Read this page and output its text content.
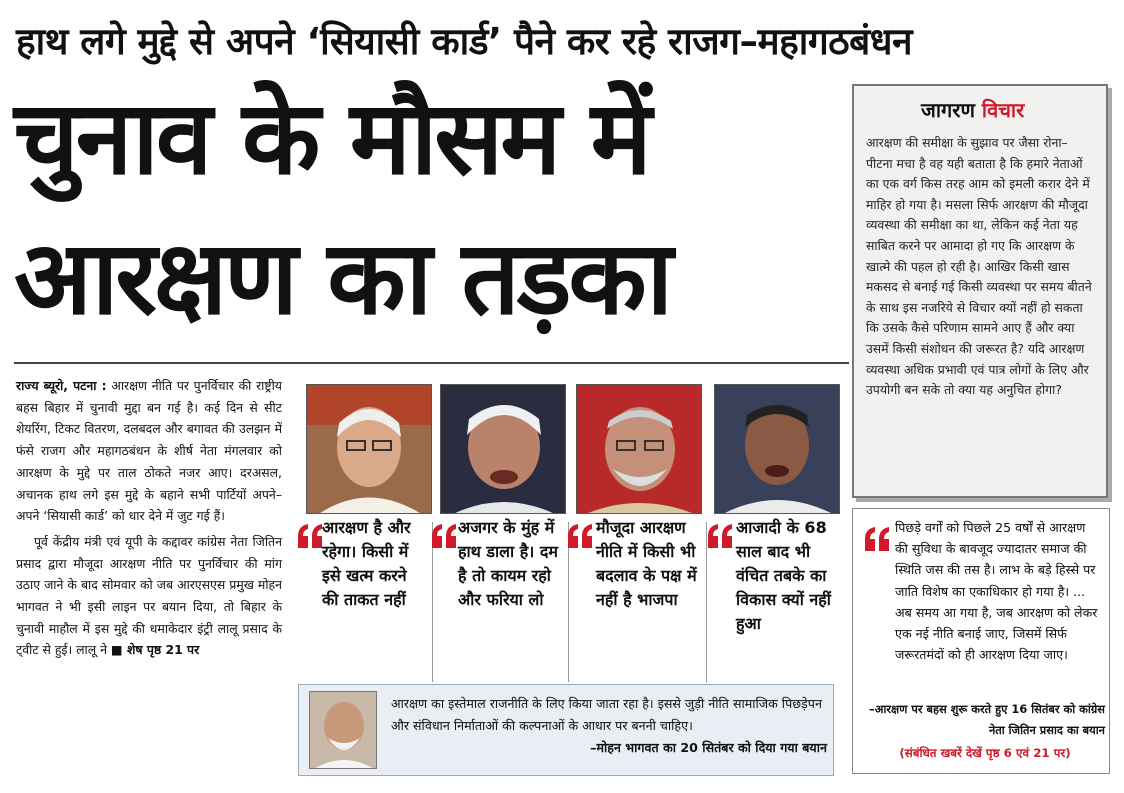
हाथ लगे मुद्दे से अपने ‘सियासी कार्ड’ पैने कर रहे राजग–महागठबंधन
चुनाव के मौसम में
आरक्षण का तड़का
जागरण विचार
आरक्षण की समीक्षा के सुझाव पर जैसा रोना–पीटना मचा है वह यही बताता है कि हमारे नेताओं का एक वर्ग किस तरह आम को इमली करार देने में माहिर हो गया है। मसला सिर्फ आरक्षण की मौजूदा व्यवस्था की समीक्षा का था, लेकिन कई नेता यह साबित करने पर आमादा हो गए कि आरक्षण के खात्मे की पहल हो रही है। आखिर किसी खास मकसद से बनाई गई किसी व्यवस्था पर समय बीतने के साथ इस नजरिये से विचार क्यों नहीं हो सकता कि उसके कैसे परिणाम सामने आए हैं और क्या उसमें किसी संशोधन की जरूरत है? यदि आरक्षण व्यवस्था अधिक प्रभावी एवं पात्र लोगों के लिए और उपयोगी बन सके तो क्या यह अनुचित होगा?

राज्य ब्यूरो, पटना : आरक्षण नीति पर पुनर्विचार की राष्ट्रीय बहस बिहार में चुनावी मुद्दा बन गई है। कई दिन से सीट शेयरिंग, टिकट वितरण, दलबदल और बगावत की उलझन में फंसे राजग और महागठबंधन के शीर्ष नेता मंगलवार को आरक्षण के मुद्दे पर ताल ठोकते नजर आए। दरअसल, अचानक हाथ लगे इस मुद्दे के बहाने सभी पार्टियों अपने–अपने ‘सियासी कार्ड’ को धार देने में जुट गई हैं।

पूर्व केंद्रीय मंत्री एवं यूपी के कद्दावर कांग्रेस नेता जितिन प्रसाद द्वारा मौजूदा आरक्षण नीति पर पुनर्विचार की मांग उठाए जाने के बाद सोमवार को जब आरएसएस प्रमुख मोहन भागवत ने भी इसी लाइन पर बयान दिया, तो बिहार के चुनावी माहौल में इस मुद्दे की धमाकेदार इंट्री लालू प्रसाद के ट्वीट से हुई। लालू ने ■ शेष पृष्ठ 21 पर

आरक्षण है और रहेगा। किसी में इसे खत्म करने की ताकत नहीं
अजगर के मुंह में हाथ डाला है। दम है तो कायम रहो और फरिया लो
मौजूदा आरक्षण नीति में किसी भी बदलाव के पक्ष में नहीं है भाजपा
आजादी के 68 साल बाद भी वंचित तबके का विकास क्यों नहीं हुआ
आरक्षण का इस्तेमाल राजनीति के लिए किया जाता रहा है। इससे जुड़ी नीति सामाजिक पिछड़ेपन और संविधान निर्माताओं की कल्पनाओं के आधार पर बननी चाहिए।
–मोहन भागवत का 20 सितंबर को दिया गया बयान
पिछड़े वर्गों को पिछले 25 वर्षों से आरक्षण की सुविधा के बावजूद ज्यादातर समाज की स्थिति जस की तस है। लाभ के बड़े हिस्से पर जाति विशेष का एकाधिकार हो गया है। ... अब समय आ गया है, जब आरक्षण को लेकर एक नई नीति बनाई जाए, जिसमें सिर्फ जरूरतमंदों को ही आरक्षण दिया जाए।
–आरक्षण पर बहस शुरू करते हुए 16 सितंबर को कांग्रेस नेता जितिन प्रसाद का बयान
(संबंधित खबरें देखें पृष्ठ 6 एवं 21 पर)
